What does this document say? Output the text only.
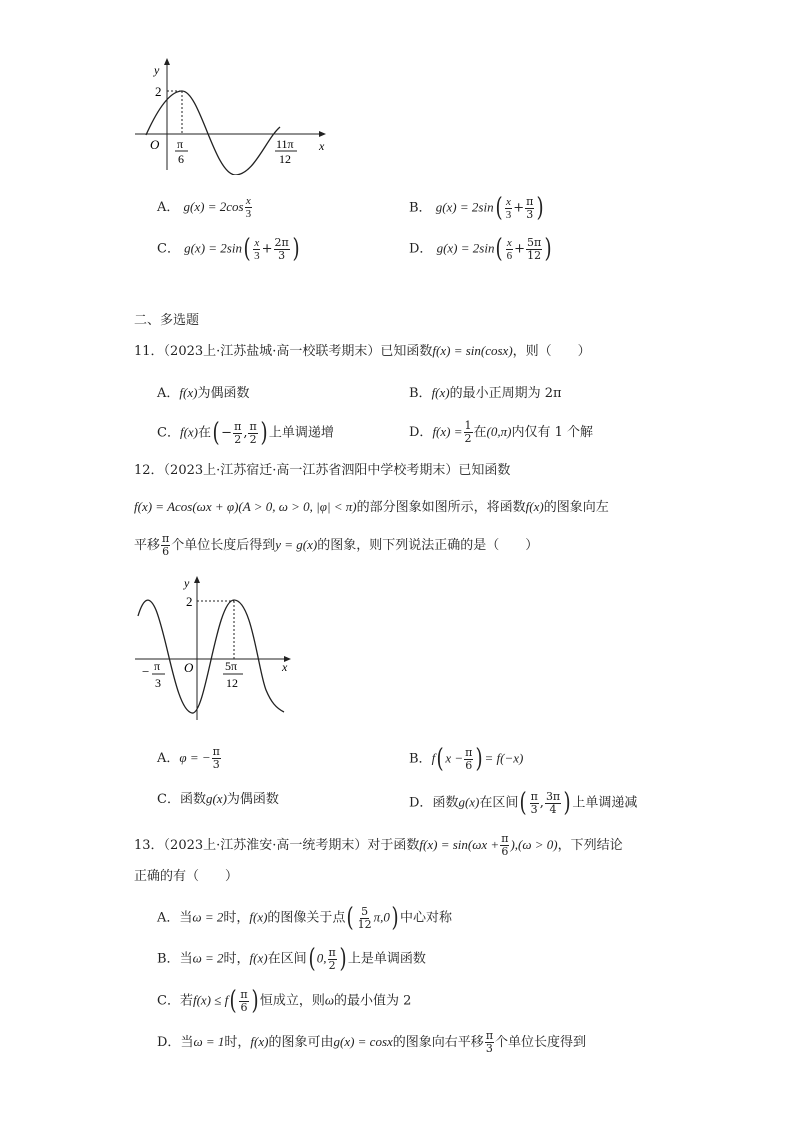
y
x
O
2
π
6
11π
12
A． $g(x) = 2\cos \frac{x}{3}$	B． $g(x) = 2\sin( \frac{x}{3} + \frac{\pi}{3}$ )
C． $g(x) = 2\sin( \frac{x}{3} + \frac{2\pi}{3}$ )	D． $g(x) = 2\sin( \frac{x}{6} + \frac{5\pi}{12}$ )
二、多选题
11．（2023上·江苏盐城·高一校联考期末）已知函数f(x) = sin(cosx)，则（　　）
A．f(x)为偶函数	B．f(x)的最小正周期为 2π
C．f(x)在( − $\frac{\pi}{2}$ , $\frac{\pi}{2}$ ) 上单调递增	D．$f(x) = \frac{1}{2}$ 在(0,π)内仅有 1 个解
12．（2023上·江苏宿迁·高一江苏省泗阳中学校考期末）已知函数
f(x) = Acos(ωx + φ)(A > 0, ω > 0, |φ| < π)的部分图象如图所示，将函数f(x)的图象向左
平移 $\frac{\pi}{6}$ 个单位长度后得到y = g(x)的图象，则下列说法正确的是（　　）
y
x
O
2
− π
3
5π
12
A．φ = − $\frac{\pi}{3}$	B．f( $x - \frac{\pi}{6}$ ) = f(−x)
C．函数g(x)为偶函数	D．函数g(x)在区间( $\frac{\pi}{3}$ , $\frac{3\pi}{4}$ ) 上单调递减
13．（2023上·江苏淮安·高一统考期末）对于函数$f(x) = \sin(\omega x + \frac{\pi}{6} ),(\omega > 0)$，下列结论
正确的有（　　）
A．当ω = 2时，f(x)的图像关于点( $\frac{5}{12} \pi,0$) 中心对称
B．当ω = 2时，f(x)在区间( 0, $\frac{\pi}{2}$ ) 上是单调函数
C．若$f(x) \le f( \frac{\pi}{6}$ ) 恒成立，则ω的最小值为 2
D．当ω = 1时，f(x)的图象可由g(x) = cosx的图象向右平移 $\frac{\pi}{3}$ 个单位长度得到
